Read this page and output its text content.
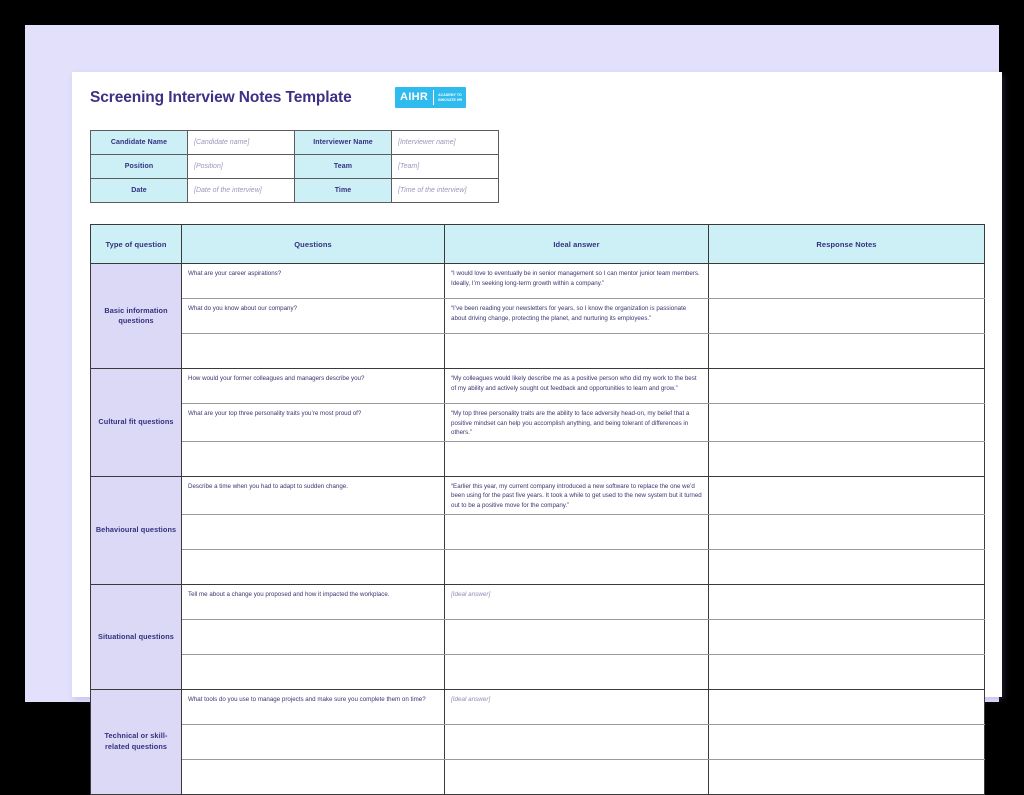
Screening Interview Notes Template	AIHR	ACADEMY TO
INNOVATE HR
Candidate Name	[Candidate name]	Interviewer Name	[Interviewer name]
Position	[Position]	Team	[Team]
Date	[Date of the interview]	Time	[Time of the interview]
Type of question	Questions	Ideal answer	Response Notes
Basic information questions	What are your career aspirations?	“I would love to eventually be in senior management so I can mentor junior team members. Ideally, I’m seeking long-term growth within a company.”	
	What do you know about our company?	“I’ve been reading your newsletters for years, so I know the organization is passionate about driving change, protecting the planet, and nurturing its employees.”	

Cultural fit questions	How would your former colleagues and managers describe you?	“My colleagues would likely describe me as a positive person who did my work to the best of my ability and actively sought out feedback and opportunities to learn and grow.”	
	What are your top three personality traits you’re most proud of?	“My top three personality traits are the ability to face adversity head-on, my belief that a positive mindset can help you accomplish anything, and being tolerant of differences in others.”	

Behavioural questions	Describe a time when you had to adapt to sudden change.	“Earlier this year, my current company introduced a new software to replace the one we’d been using for the past five years. It took a while to get used to the new system but it turned out to be a positive move for the company.”	

Situational questions	Tell me about a change you proposed and how it impacted the workplace.	[Ideal answer]	

Technical or skill-related questions	What tools do you use to manage projects and make sure you complete them on time?	[Ideal answer]	
